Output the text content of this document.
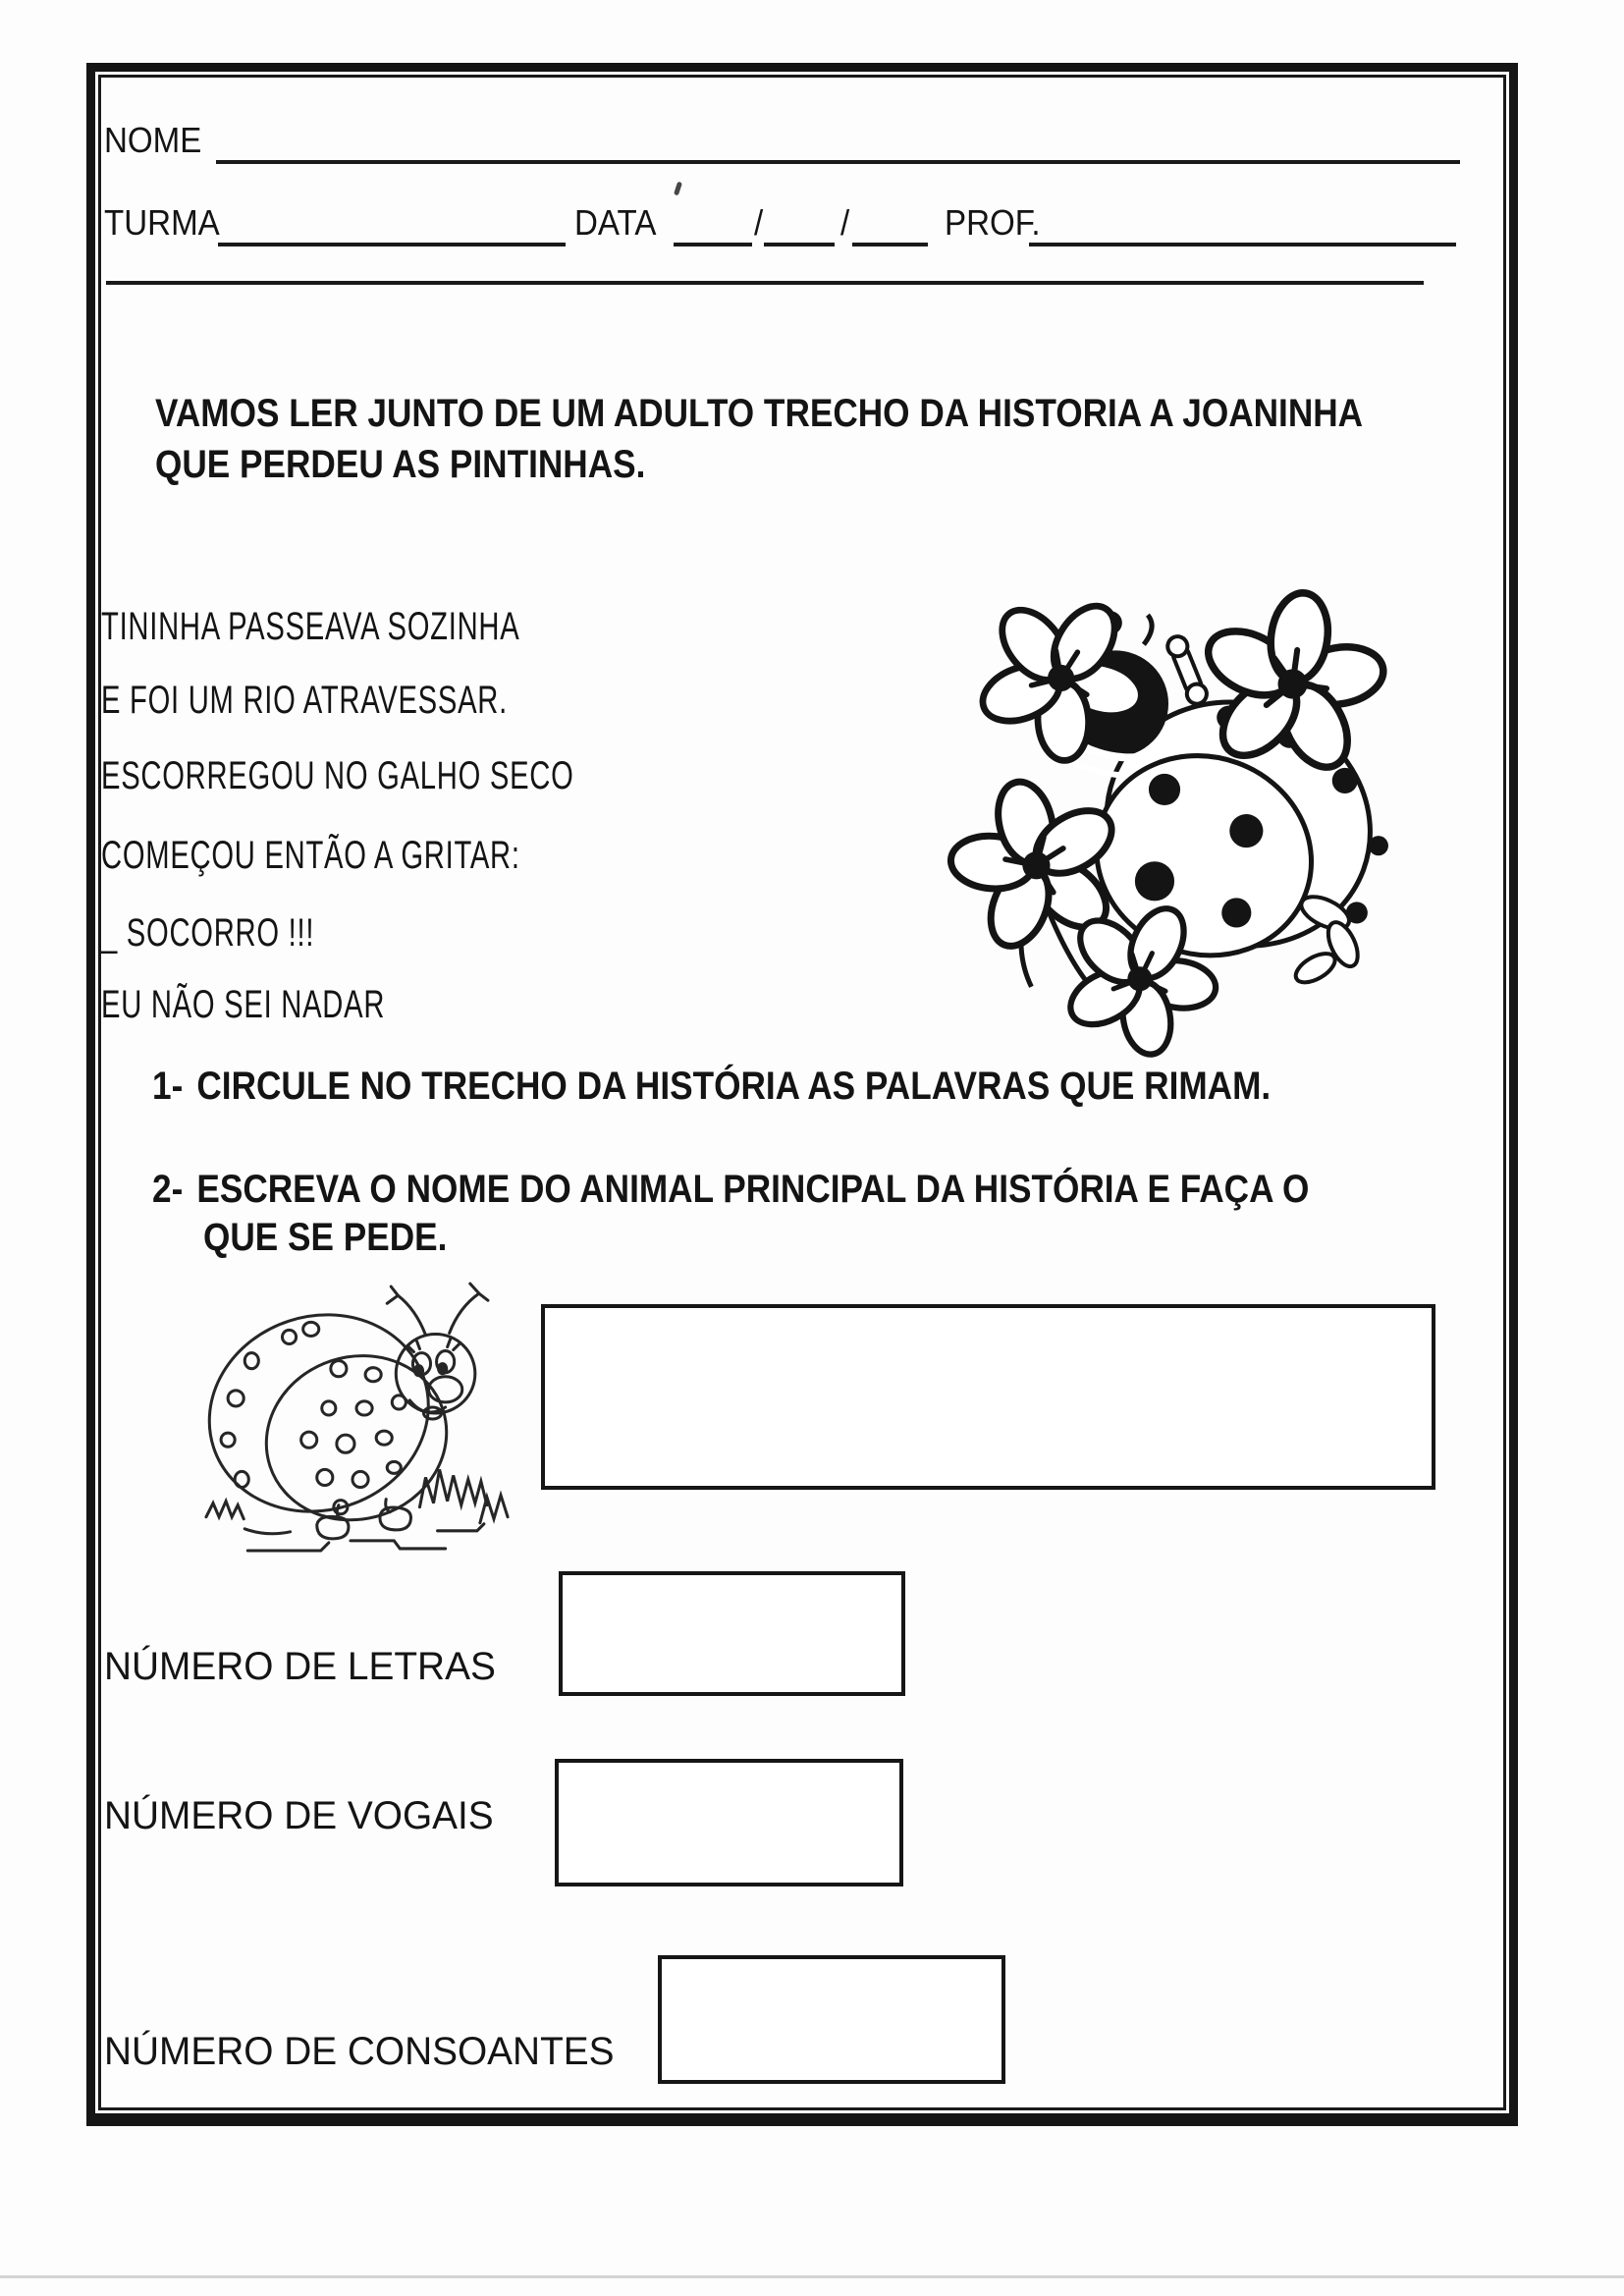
NOME
TURMA	DATA	/ /	PROF.
VAMOS LER JUNTO DE UM ADULTO TRECHO DA HISTORIA A JOANINHA
QUE PERDEU AS PINTINHAS.
TININHA PASSEAVA SOZINHA
E FOI UM RIO ATRAVESSAR.
ESCORREGOU NO GALHO SECO
COMEÇOU ENTÃO A GRITAR:
_ SOCORRO !!!
EU NÃO SEI NADAR
1- CIRCULE NO TRECHO DA HISTÓRIA AS PALAVRAS QUE RIMAM.
2- ESCREVA O NOME DO ANIMAL PRINCIPAL DA HISTÓRIA E FAÇA O
QUE SE PEDE.
NÚMERO DE LETRAS
NÚMERO DE VOGAIS
NÚMERO DE CONSOANTES
